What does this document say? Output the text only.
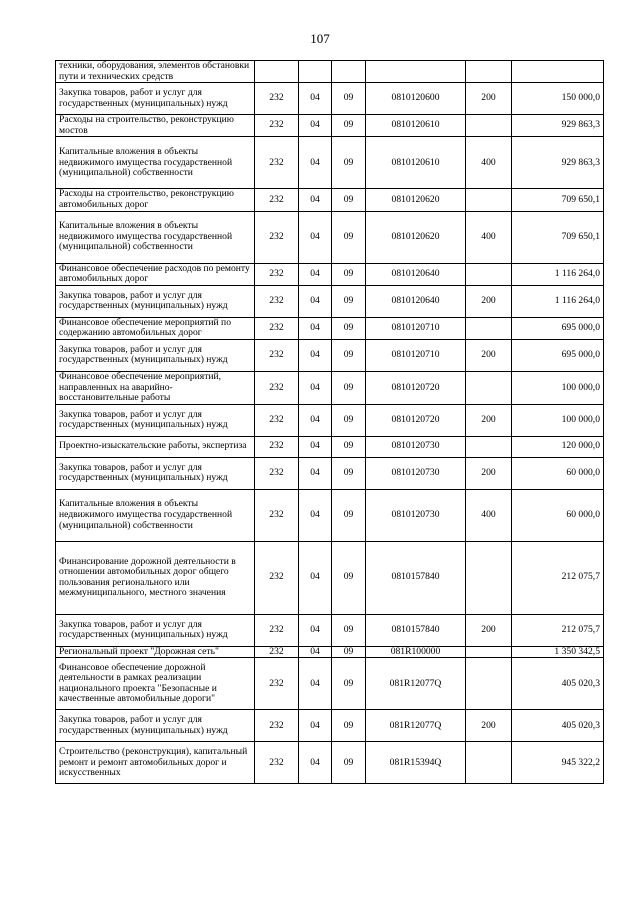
107
техники, оборудования, элементов обстановки пути и технических средств						
Закупка товаров, работ и услуг для государственных (муниципальных) нужд	232	04	09	0810120600	200	150 000,0
Расходы на строительство, реконструкцию мостов	232	04	09	0810120610		929 863,3
Капитальные вложения в объекты недвижимого имущества государственной (муниципальной) собственности	232	04	09	0810120610	400	929 863,3
Расходы на строительство, реконструкцию автомобильных дорог	232	04	09	0810120620		709 650,1
Капитальные вложения в объекты недвижимого имущества государственной (муниципальной) собственности	232	04	09	0810120620	400	709 650,1
Финансовое обеспечение расходов по ремонту автомобильных дорог	232	04	09	0810120640		1 116 264,0
Закупка товаров, работ и услуг для государственных (муниципальных) нужд	232	04	09	0810120640	200	1 116 264,0
Финансовое обеспечение мероприятий по содержанию автомобильных дорог	232	04	09	0810120710		695 000,0
Закупка товаров, работ и услуг для государственных (муниципальных) нужд	232	04	09	0810120710	200	695 000,0
Финансовое обеспечение мероприятий, направленных на аварийно-восстановительные работы	232	04	09	0810120720		100 000,0
Закупка товаров, работ и услуг для государственных (муниципальных) нужд	232	04	09	0810120720	200	100 000,0
Проектно-изыскательские работы, экспертиза	232	04	09	0810120730		120 000,0
Закупка товаров, работ и услуг для государственных (муниципальных) нужд	232	04	09	0810120730	200	60 000,0
Капитальные вложения в объекты недвижимого имущества государственной (муниципальной) собственности	232	04	09	0810120730	400	60 000,0
Финансирование дорожной деятельности в отношении автомобильных дорог общего пользования регионального или межмуниципального, местного значения	232	04	09	0810157840		212 075,7
Закупка товаров, работ и услуг для государственных (муниципальных) нужд	232	04	09	0810157840	200	212 075,7
Региональный проект "Дорожная сеть"	232	04	09	081R100000		1 350 342,5
Финансовое обеспечение дорожной деятельности в рамках реализации национального проекта "Безопасные и качественные автомобильные дороги"	232	04	09	081R12077Q		405 020,3
Закупка товаров, работ и услуг для государственных (муниципальных) нужд	232	04	09	081R12077Q	200	405 020,3
Строительство (реконструкция), капитальный ремонт и ремонт автомобильных дорог и искусственных	232	04	09	081R15394Q		945 322,2
